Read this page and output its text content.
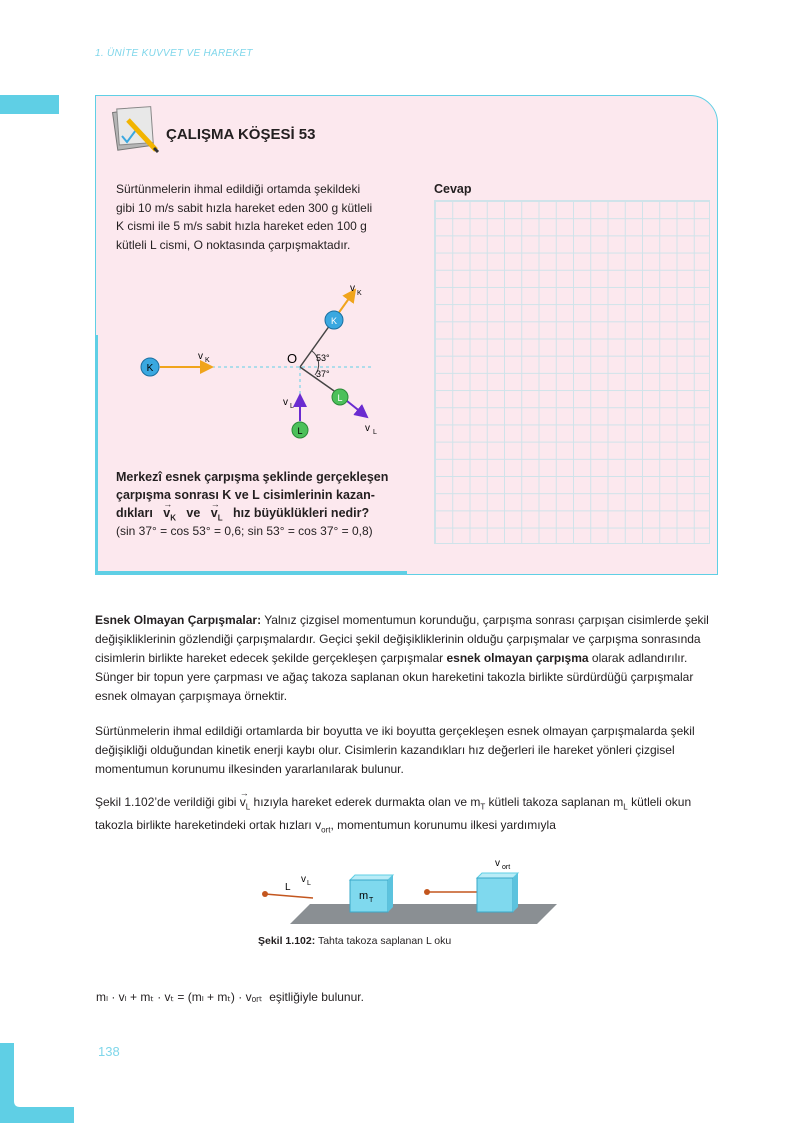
1. ÜNİTE KUVVET VE HAREKET
ÇALIŞMA KÖŞESİ 53
Sürtünmelerin ihmal edildiği ortamda şekildeki
gibi 10 m/s sabit hızla hareket eden 300 g kütleli
K cismi ile 5 m/s sabit hızla hareket eden 100 g
kütleli L cismi, O noktasında çarpışmaktadır.
Cevap
K
v K	O
K
v K
L
v L
53°
37°
L
v L
Merkezî esnek çarpışma şeklinde gerçekleşen
çarpışma sonrası K ve L cisimlerinin kazan-
dıkları → $v_K$ ve → $v_L$ hız büyüklükleri nedir?
(sin 37° = cos 53° = 0,6; sin 53° = cos 37° = 0,8)
Esnek Olmayan Çarpışmalar: Yalnız çizgisel momentumun korunduğu, çarpışma sonrası çarpışan cisimlerde şekil değişikliklerinin gözlendiği çarpışmalardır. Geçici şekil değişikliklerinin olduğu çarpışmalar ve çarpışma sonrasında cisimlerin birlikte hareket edecek şekilde gerçekleşen çarpışmalar esnek olmayan çarpışma olarak adlandırılır. Sünger bir topun yere çarpması ve ağaç takoza saplanan okun hareketini takozla birlikte sürdürdüğü çarpışmalar esnek olmayan çarpışmaya örnektir.
Sürtünmelerin ihmal edildiği ortamlarda bir boyutta ve iki boyutta gerçekleşen esnek olmayan çarpışmalarda şekil değişikliği olduğundan kinetik enerji kaybı olur. Cisimlerin kazandıkları hız değerleri ile hareket yönleri çizgisel momentumun korunumu ilkesinden yararlanılarak bulunur.
Şekil 1.102’de verildiği gibi → $v_L$ hızıyla hareket ederek durmakta olan ve $m_T$ kütleli takoza saplanan $m_L$ kütleli okun takozla birlikte hareketindeki ortak hızları $v_{ort}$, momentumun korunumu ilkesi yardımıyla
L
v L
m T
v ort
Şekil 1.102: Tahta takoza saplanan L oku
mₗ · vₗ + mₜ · vₜ = (mₗ + mₜ) · vₒᵣₜ eşitliğiyle bulunur.
138
